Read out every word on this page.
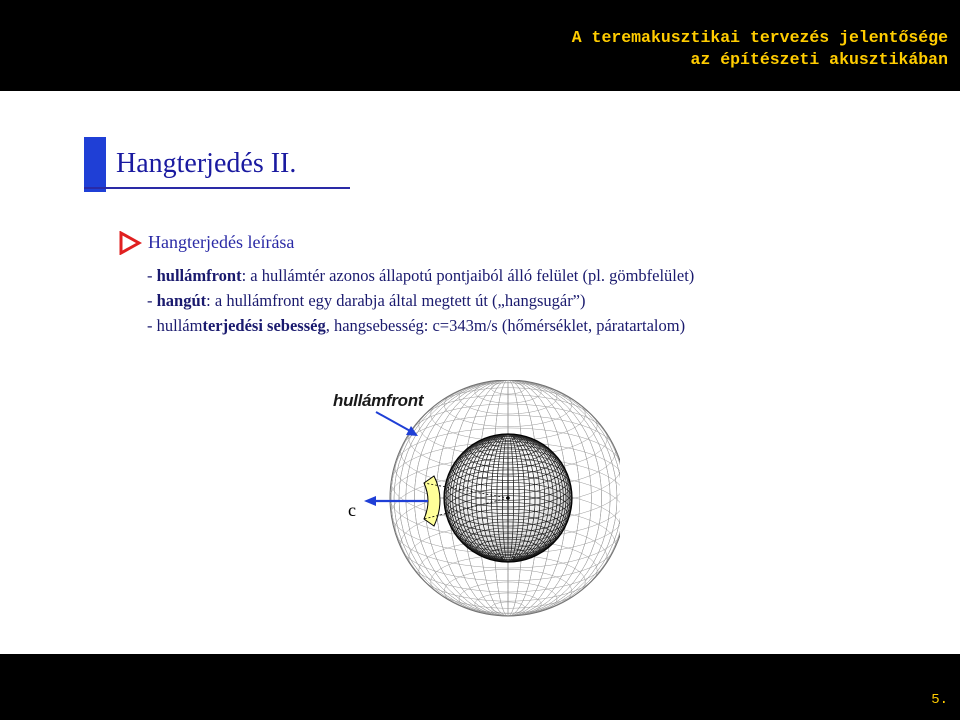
A teremakusztikai tervezés jelentősége
az építészeti akusztikában
Hangterjedés II.
Hangterjedés leírása
- hullámfront: a hullámtér azonos állapotú pontjaiból álló felület (pl. gömbfelület)
- hangút: a hullámfront egy darabja által megtett út („hangsugár”)
- hullámterjedési sebesség, hangsebesség: c=343m/s (hőmérséklet, páratartalom)
hullámfront
c
5.
